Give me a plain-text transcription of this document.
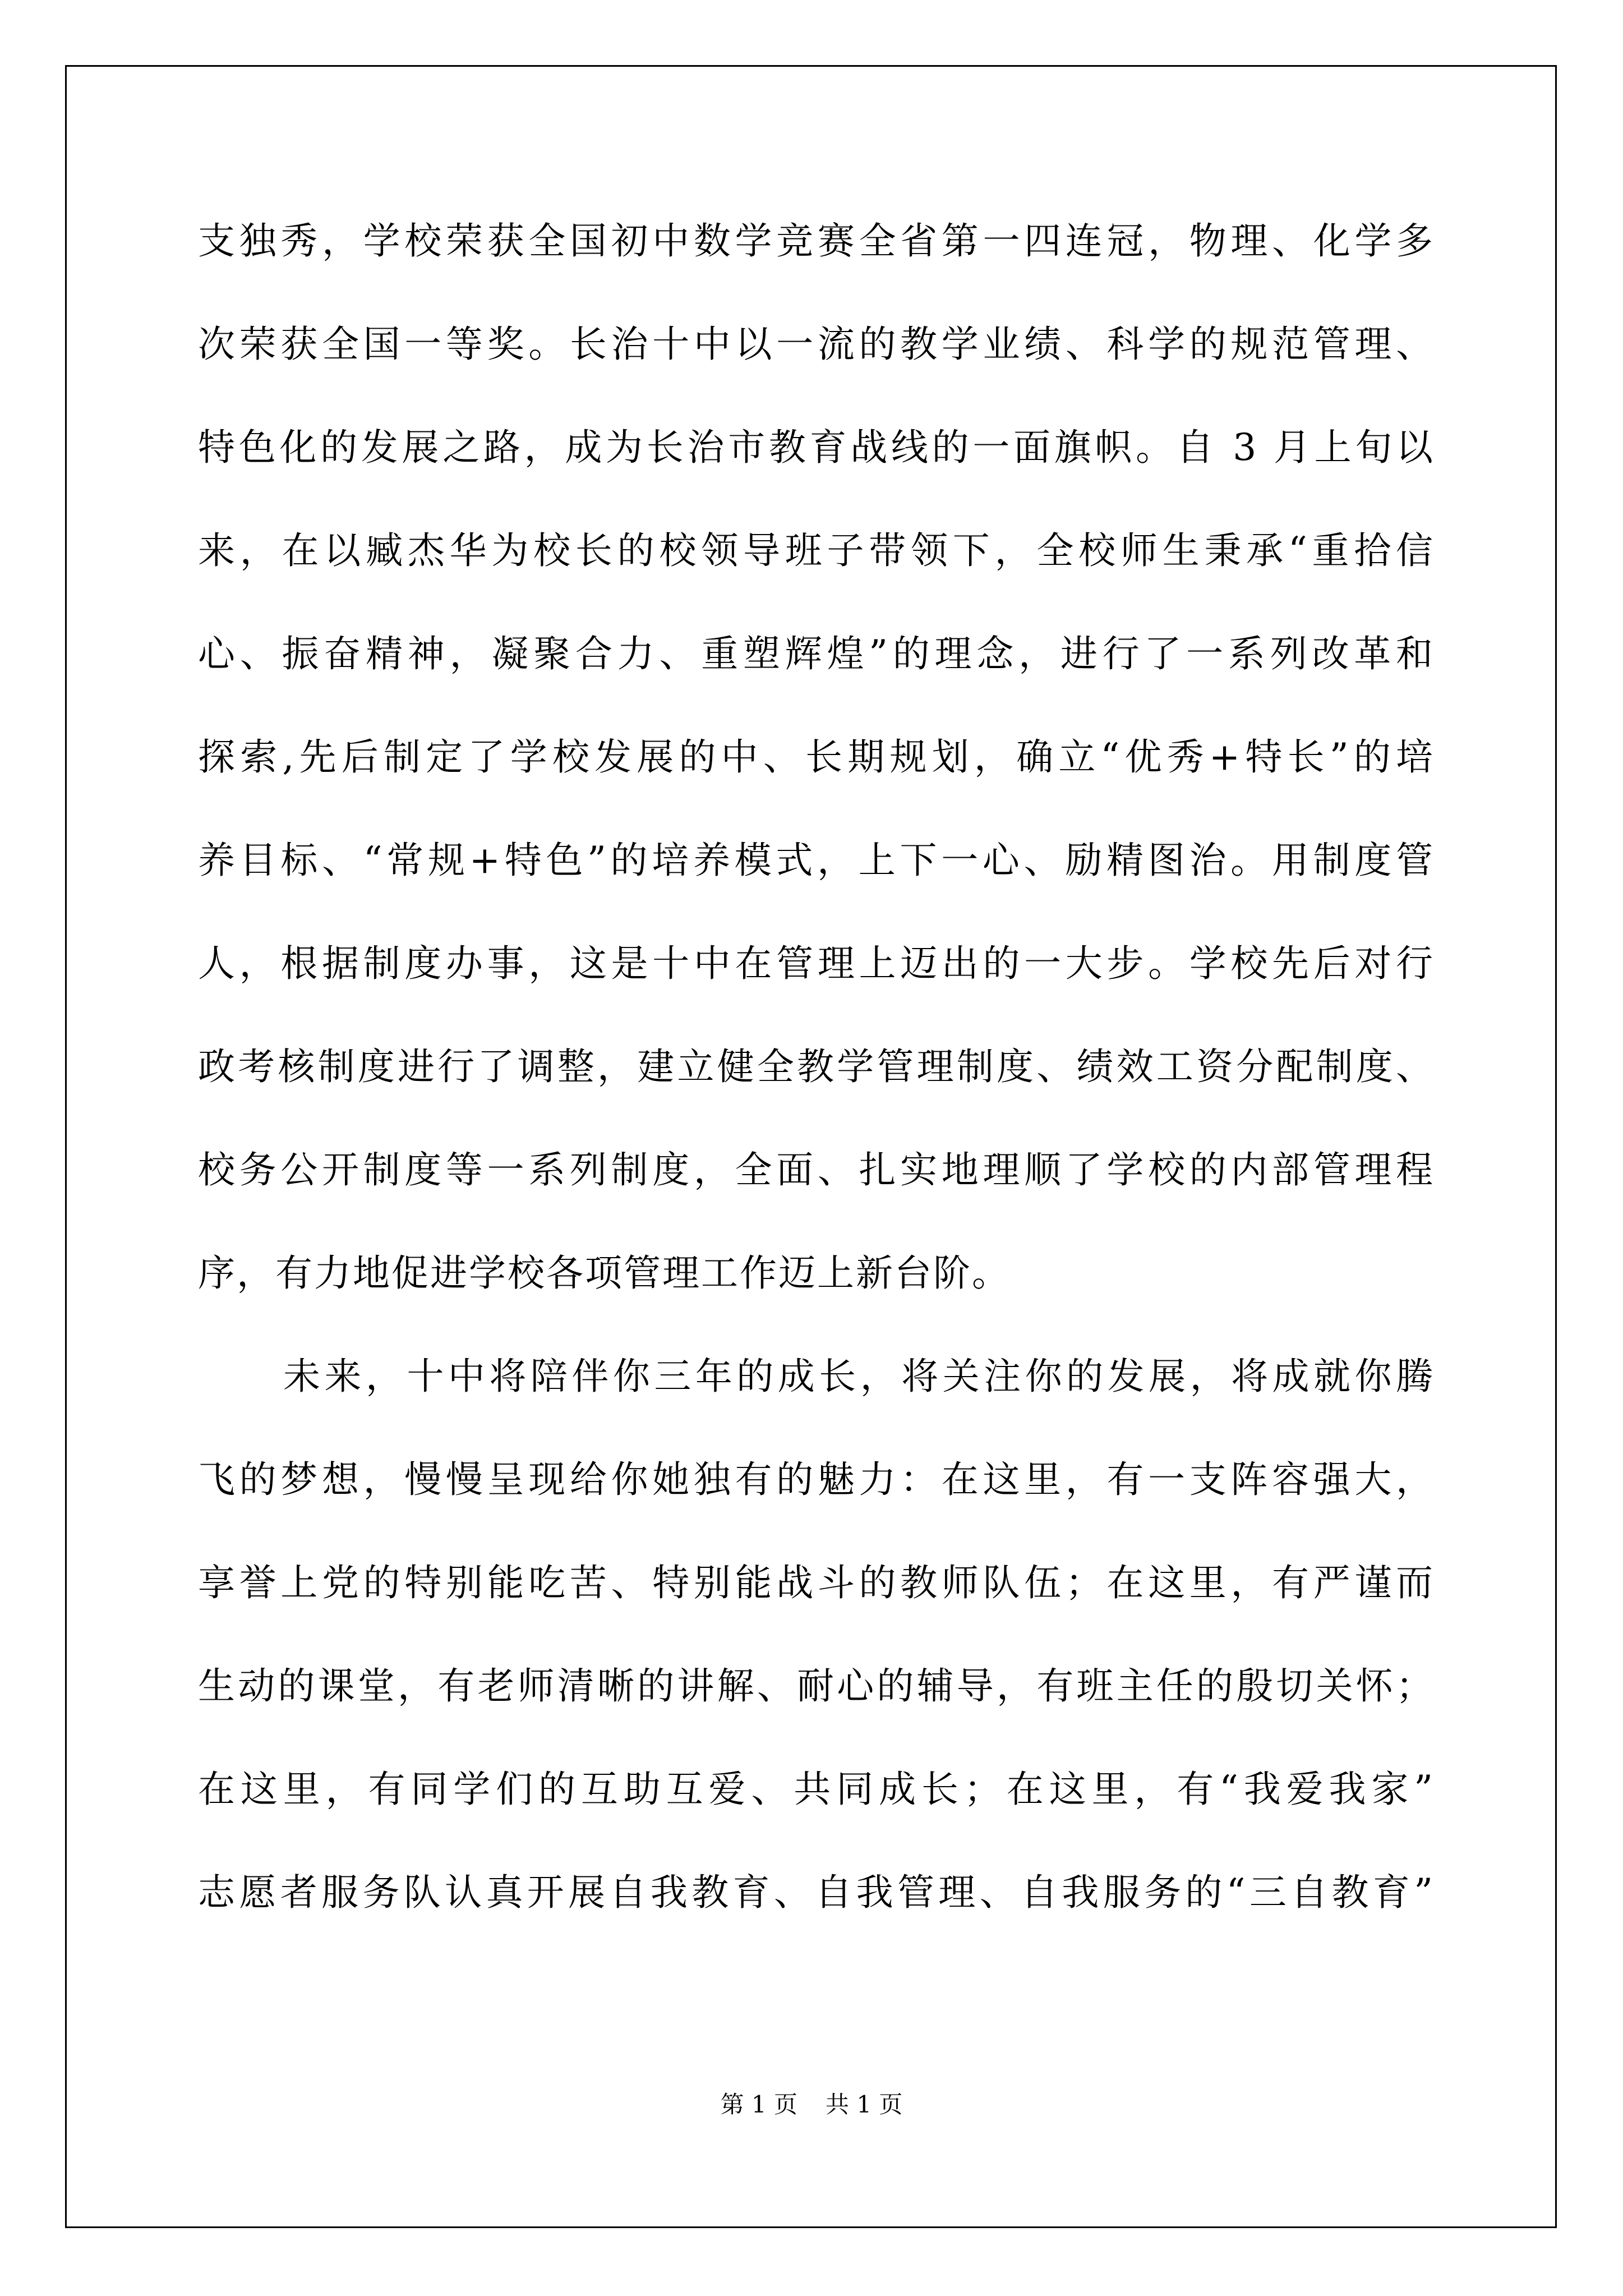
支独秀，学校荣获全国初中数学竞赛全省第一四连冠，物理、化学多
次荣获全国一等奖。长治十中以一流的教学业绩、科学的规范管理、
特色化的发展之路，成为长治市教育战线的一面旗帜。自 3 月上旬以
来，在以臧杰华为校长的校领导班子带领下，全校师生秉承“重拾信
心、振奋精神，凝聚合力、重塑辉煌”的理念，进行了一系列改革和
探索,先后制定了学校发展的中、长期规划，确立“优秀+特长”的培
养目标、“常规+特色”的培养模式，上下一心、励精图治。用制度管
人，根据制度办事，这是十中在管理上迈出的一大步。学校先后对行
政考核制度进行了调整，建立健全教学管理制度、绩效工资分配制度、
校务公开制度等一系列制度，全面、扎实地理顺了学校的内部管理程
序，有力地促进学校各项管理工作迈上新台阶。
未来，十中将陪伴你三年的成长，将关注你的发展，将成就你腾
飞的梦想，慢慢呈现给你她独有的魅力：在这里，有一支阵容强大，
享誉上党的特别能吃苦、特别能战斗的教师队伍；在这里，有严谨而
生动的课堂，有老师清晰的讲解、耐心的辅导，有班主任的殷切关怀；
在这里，有同学们的互助互爱、共同成长；在这里，有“我爱我家”
志愿者服务队认真开展自我教育、自我管理、自我服务的“三自教育”
第 1 页 共 1 页
